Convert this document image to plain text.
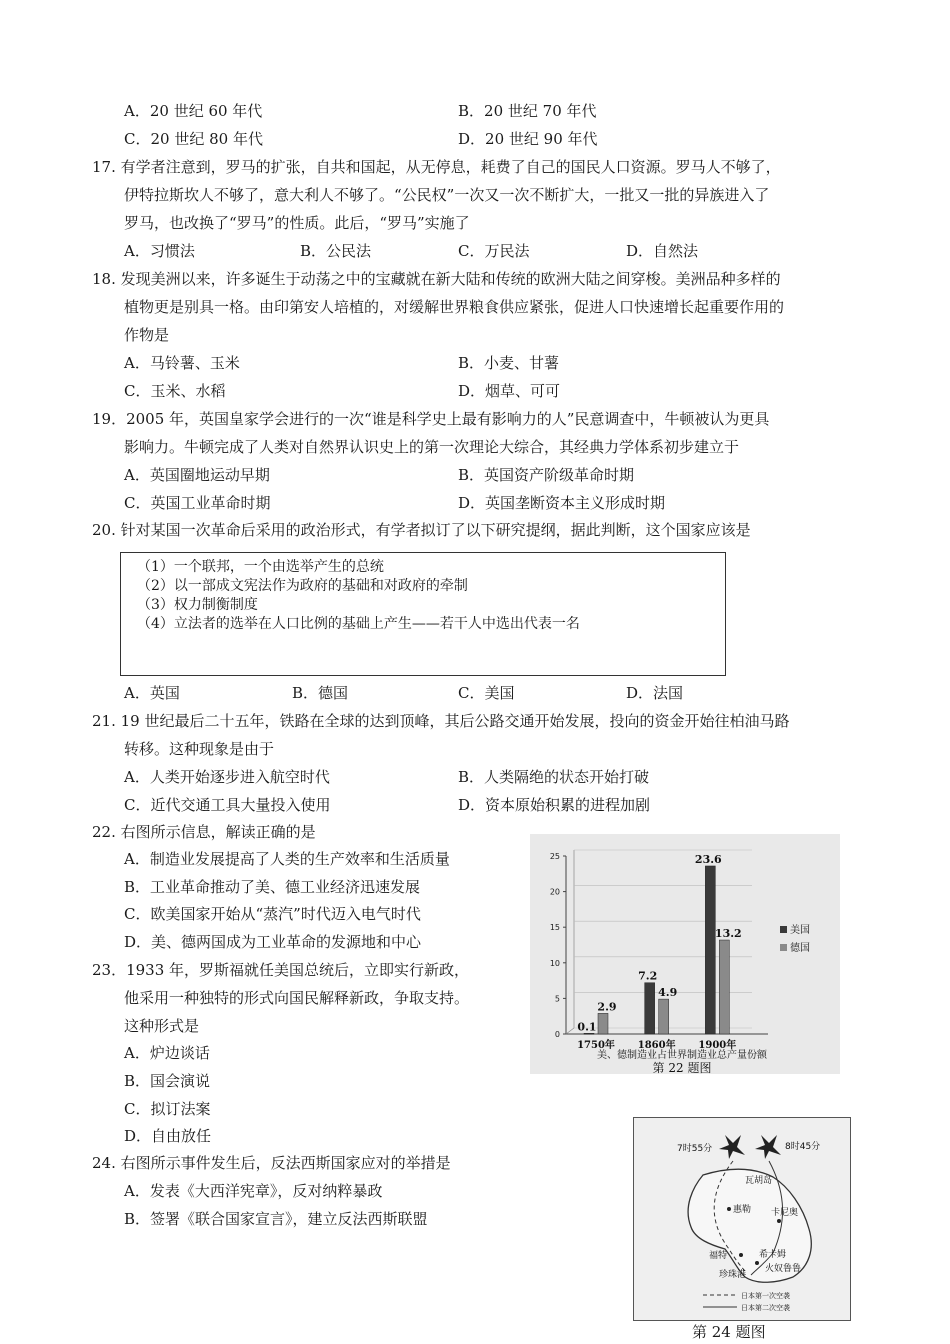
A．20 世纪 60 年代	B．20 世纪 70 年代
C．20 世纪 80 年代	D．20 世纪 90 年代
17. 有学者注意到，罗马的扩张，自共和国起，从无停息，耗费了自己的国民人口资源。罗马人不够了，
伊特拉斯坎人不够了，意大利人不够了。“公民权”一次又一次不断扩大，一批又一批的异族进入了
罗马，也改换了“罗马”的性质。此后，“罗马”实施了
A．习惯法	B．公民法	C．万民法	D．自然法
18. 发现美洲以来，许多诞生于动荡之中的宝藏就在新大陆和传统的欧洲大陆之间穿梭。美洲品种多样的
植物更是别具一格。由印第安人培植的，对缓解世界粮食供应紧张，促进人口快速增长起重要作用的
作物是
A．马铃薯、玉米	B．小麦、甘薯
C．玉米、水稻	D．烟草、可可
19．2005 年，英国皇家学会进行的一次“谁是科学史上最有影响力的人”民意调查中，牛顿被认为更具
影响力。牛顿完成了人类对自然界认识史上的第一次理论大综合，其经典力学体系初步建立于
A．英国圈地运动早期	B．英国资产阶级革命时期
C．英国工业革命时期	D．英国垄断资本主义形成时期
20. 针对某国一次革命后采用的政治形式，有学者拟订了以下研究提纲，据此判断，这个国家应该是
（1）一个联邦，一个由选举产生的总统
（2）以一部成文宪法作为政府的基础和对政府的牵制
（3）权力制衡制度
（4）立法者的选举在人口比例的基础上产生——若干人中选出代表一名
A．英国	B．德国	C．美国	D．法国
21. 19 世纪最后二十五年，铁路在全球的达到顶峰，其后公路交通开始发展，投向的资金开始往柏油马路
转移。这种现象是由于
A．人类开始逐步进入航空时代	B．人类隔绝的状态开始打破
C．近代交通工具大量投入使用	D．资本原始积累的进程加剧
22. 右图所示信息，解读正确的是
A．制造业发展提高了人类的生产效率和生活质量
B．工业革命推动了美、德工业经济迅速发展
C．欧美国家开始从“蒸汽”时代迈入电气时代
D．美、德两国成为工业革命的发源地和中心
0
5
10
15
20
25
0.1
2.9
1750年
7.2
4.9
1860年
23.6
13.2
1900年
美国
德国
美、德制造业占世界制造业总产量份额
第 22 题图
23．1933 年，罗斯福就任美国总统后，立即实行新政，
他采用一种独特的形式向国民解释新政，争取支持。
这种形式是
A．炉边谈话
B．国会演说
C．拟订法案
D．自由放任
24. 右图所示事件发生后，反法西斯国家应对的举措是
A．发表《大西洋宪章》，反对纳粹暴政
B．签署《联合国家宣言》，建立反法西斯联盟
7时55分	8时45分
瓦胡岛
惠勒 卡尼奥
福特	希卡姆
火奴鲁鲁
珍珠港
日本第一次空袭
日本第二次空袭
第 24 题图
